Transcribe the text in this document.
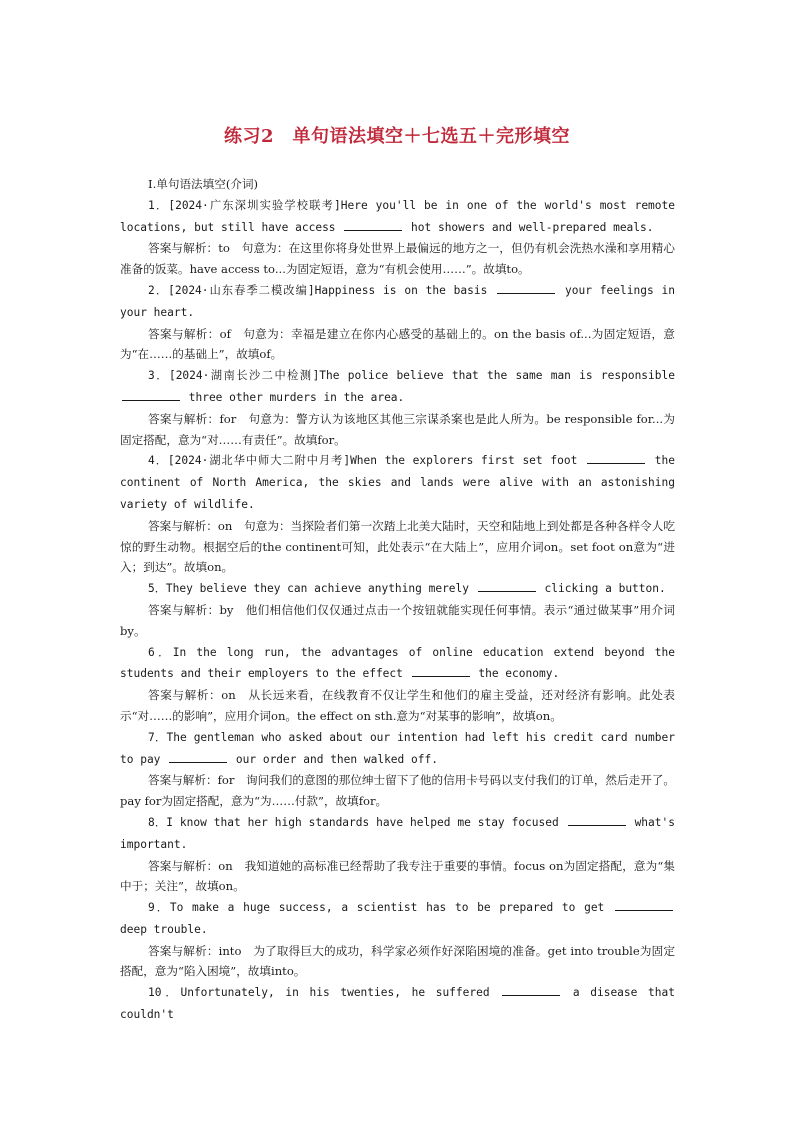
练习2　单句语法填空＋七选五＋完形填空

Ⅰ.单句语法填空(介词)

1．[2024·广东深圳实验学校联考]Here you'll be in one of the world's most remote locations, but still have access	hot showers and well-prepared meals.

答案与解析：to　句意为：在这里你将身处世界上最偏远的地方之一，但仍有机会洗热水澡和享用精心准备的饭菜。have access to...为固定短语，意为“有机会使用……”。故填to。

2．[2024·山东春季二模改编]Happiness is on the basis	your feelings in your heart.

答案与解析：of　句意为：幸福是建立在你内心感受的基础上的。on the basis of...为固定短语，意为“在……的基础上”，故填of。

3．[2024·湖南长沙二中检测]The police believe that the same man is responsible  three other murders in the area.

答案与解析：for　句意为：警方认为该地区其他三宗谋杀案也是此人所为。be responsible for...为固定搭配，意为“对……有责任”。故填for。

4．[2024·湖北华中师大二附中月考]When the explorers first set foot	the continent of North America, the skies and lands were alive with an astonishing variety of wildlife.

答案与解析：on　句意为：当探险者们第一次踏上北美大陆时，天空和陆地上到处都是各种各样令人吃惊的野生动物。根据空后的the continent可知，此处表示“在大陆上”，应用介词on。set foot on意为“进入；到达”。故填on。

5．They believe they can achieve anything merely	clicking a button.

答案与解析：by　他们相信他们仅仅通过点击一个按钮就能实现任何事情。表示“通过做某事”用介词by。

6．In the long run, the advantages of online education extend beyond the students and their employers to the effect	the economy.

答案与解析：on　从长远来看，在线教育不仅让学生和他们的雇主受益，还对经济有影响。此处表示“对……的影响”，应用介词on。the effect on sth.意为“对某事的影响”，故填on。

7．The gentleman who asked about our intention had left his credit card number to pay	our order and then walked off.

答案与解析：for　询问我们的意图的那位绅士留下了他的信用卡号码以支付我们的订单，然后走开了。pay for为固定搭配，意为“为……付款”，故填for。

8．I know that her high standards have helped me stay focused	what's important.

答案与解析：on　我知道她的高标准已经帮助了我专注于重要的事情。focus on为固定搭配，意为“集中于；关注”，故填on。

9．To make a huge success, a scientist has to be prepared to get  deep trouble.

答案与解析：into　为了取得巨大的成功，科学家必须作好深陷困境的准备。get into trouble为固定搭配，意为“陷入困境”，故填into。

10．Unfortunately, in his twenties, he suffered	a disease that couldn't
